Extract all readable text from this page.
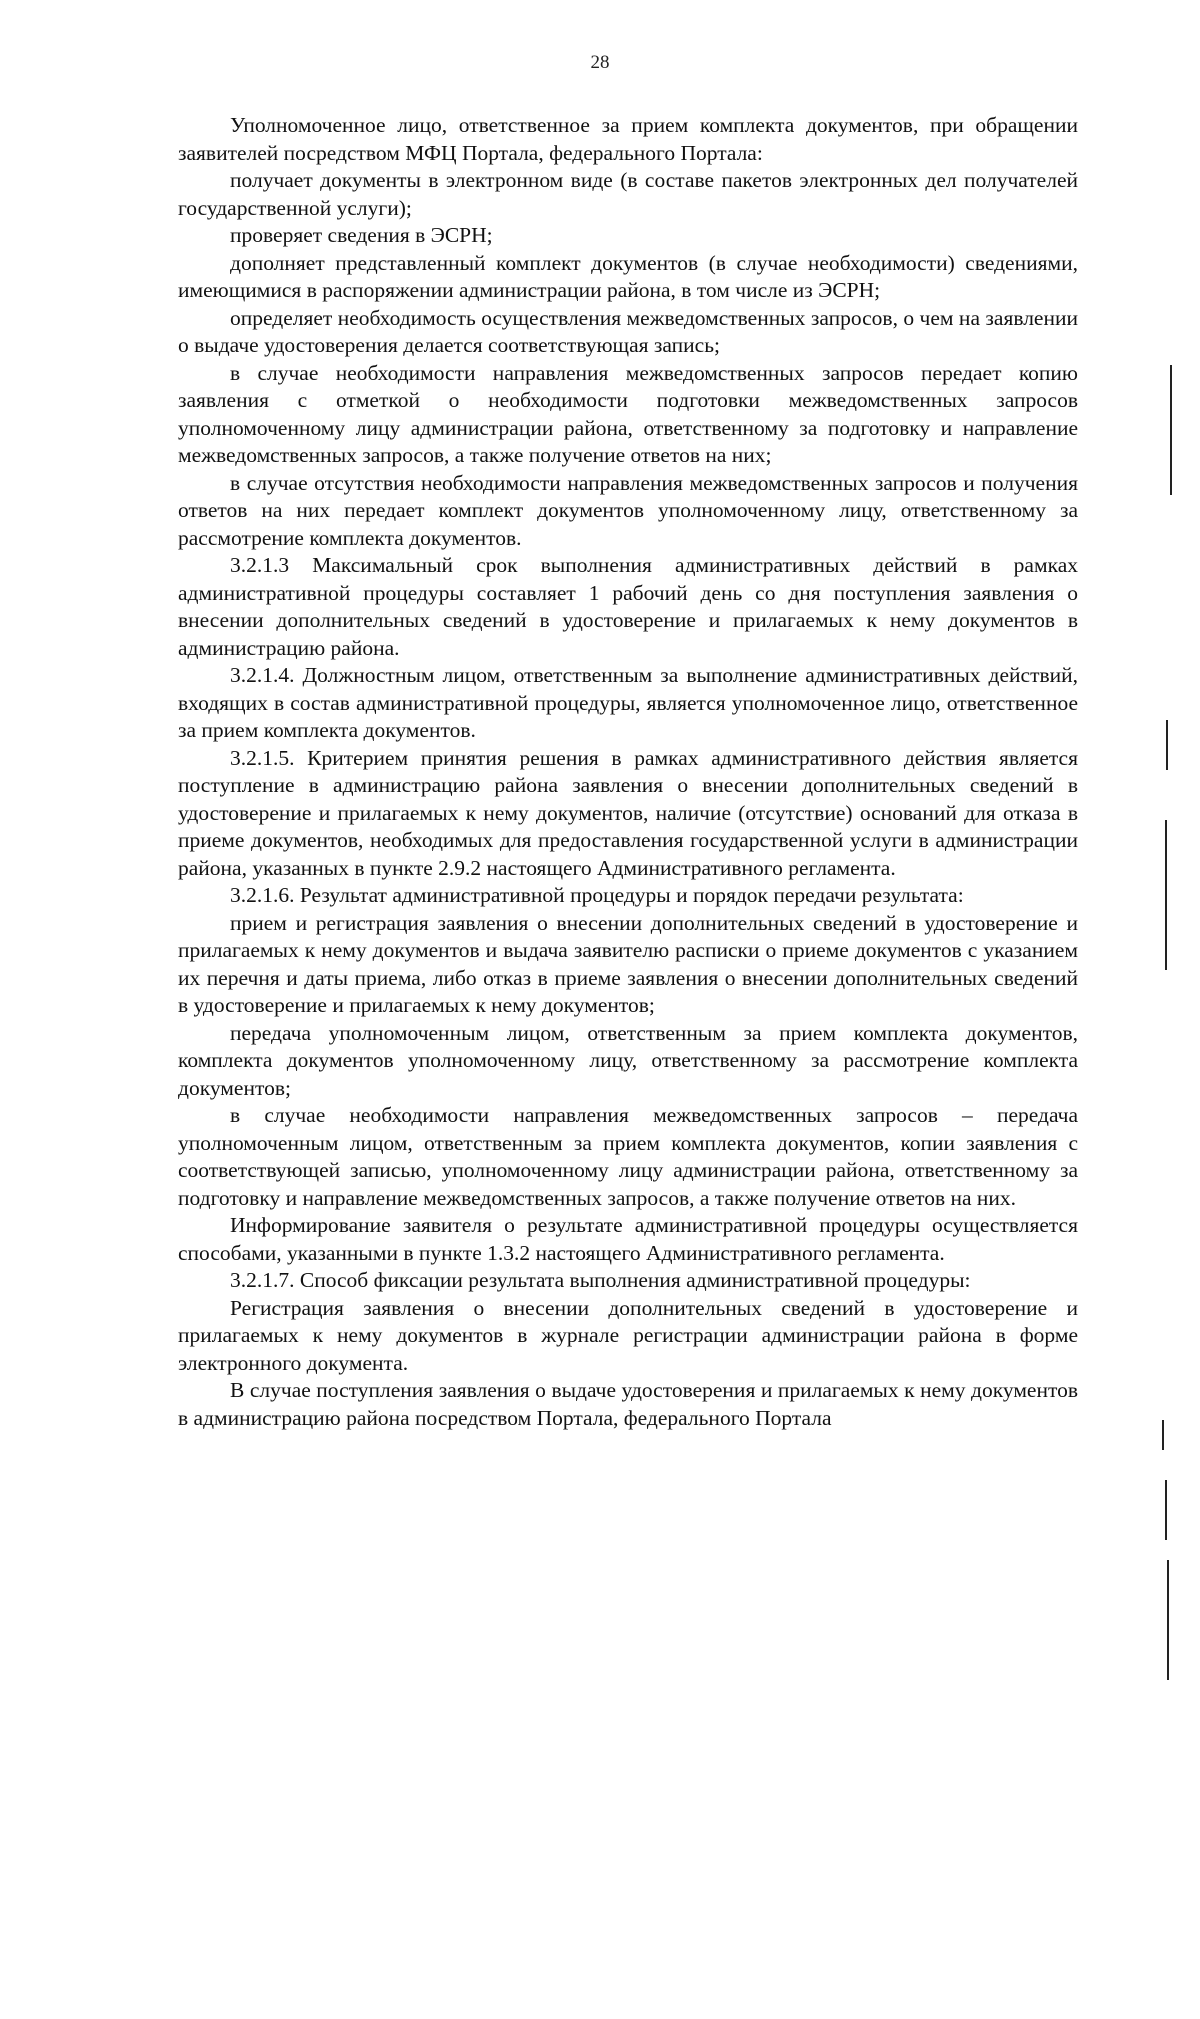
28

Уполномоченное лицо, ответственное за прием комплекта документов, при обращении заявителей посредством МФЦ Портала, федерального Портала:

получает документы в электронном виде (в составе пакетов электронных дел получателей государственной услуги);

проверяет сведения в ЭСРН;

дополняет представленный комплект документов (в случае необходимости) сведениями, имеющимися в распоряжении администрации района, в том числе из ЭСРН;

определяет необходимость осуществления межведомственных запросов, о чем на заявлении о выдаче удостоверения делается соответствующая запись;

в случае необходимости направления межведомственных запросов передает копию заявления с отметкой о необходимости подготовки межведомственных запросов уполномоченному лицу администрации района, ответственному за подготовку и направление межведомственных запросов, а также получение ответов на них;

в случае отсутствия необходимости направления межведомственных запросов и получения ответов на них передает комплект документов уполномоченному лицу, ответственному за рассмотрение комплекта документов.

3.2.1.3 Максимальный срок выполнения административных действий в рамках административной процедуры составляет 1 рабочий день со дня поступления заявления о внесении дополнительных сведений в удостоверение и прилагаемых к нему документов в администрацию района.

3.2.1.4. Должностным лицом, ответственным за выполнение административных действий, входящих в состав административной процедуры, является уполномоченное лицо, ответственное за прием комплекта документов.

3.2.1.5. Критерием принятия решения в рамках административного действия является поступление в администрацию района заявления о внесении дополнительных сведений в удостоверение и прилагаемых к нему документов, наличие (отсутствие) оснований для отказа в приеме документов, необходимых для предоставления государственной услуги в администрации района, указанных в пункте 2.9.2 настоящего Административного регламента.

3.2.1.6. Результат административной процедуры и порядок передачи результата:

прием и регистрация заявления о внесении дополнительных сведений в удостоверение и прилагаемых к нему документов и выдача заявителю расписки о приеме документов с указанием их перечня и даты приема, либо отказ в приеме заявления о внесении дополнительных сведений в удостоверение и прилагаемых к нему документов;

передача уполномоченным лицом, ответственным за прием комплекта документов, комплекта документов уполномоченному лицу, ответственному за рассмотрение комплекта документов;

в случае необходимости направления межведомственных запросов – передача уполномоченным лицом, ответственным за прием комплекта документов, копии заявления с соответствующей записью, уполномоченному лицу администрации района, ответственному за подготовку и направление межведомственных запросов, а также получение ответов на них.

Информирование заявителя о результате административной процедуры осуществляется способами, указанными в пункте 1.3.2 настоящего Административного регламента.

3.2.1.7. Способ фиксации результата выполнения административной процедуры:

Регистрация заявления о внесении дополнительных сведений в удостоверение и прилагаемых к нему документов в журнале регистрации администрации района в форме электронного документа.

В случае поступления заявления о выдаче удостоверения и прилагаемых к нему документов в администрацию района посредством Портала, федерального Портала
